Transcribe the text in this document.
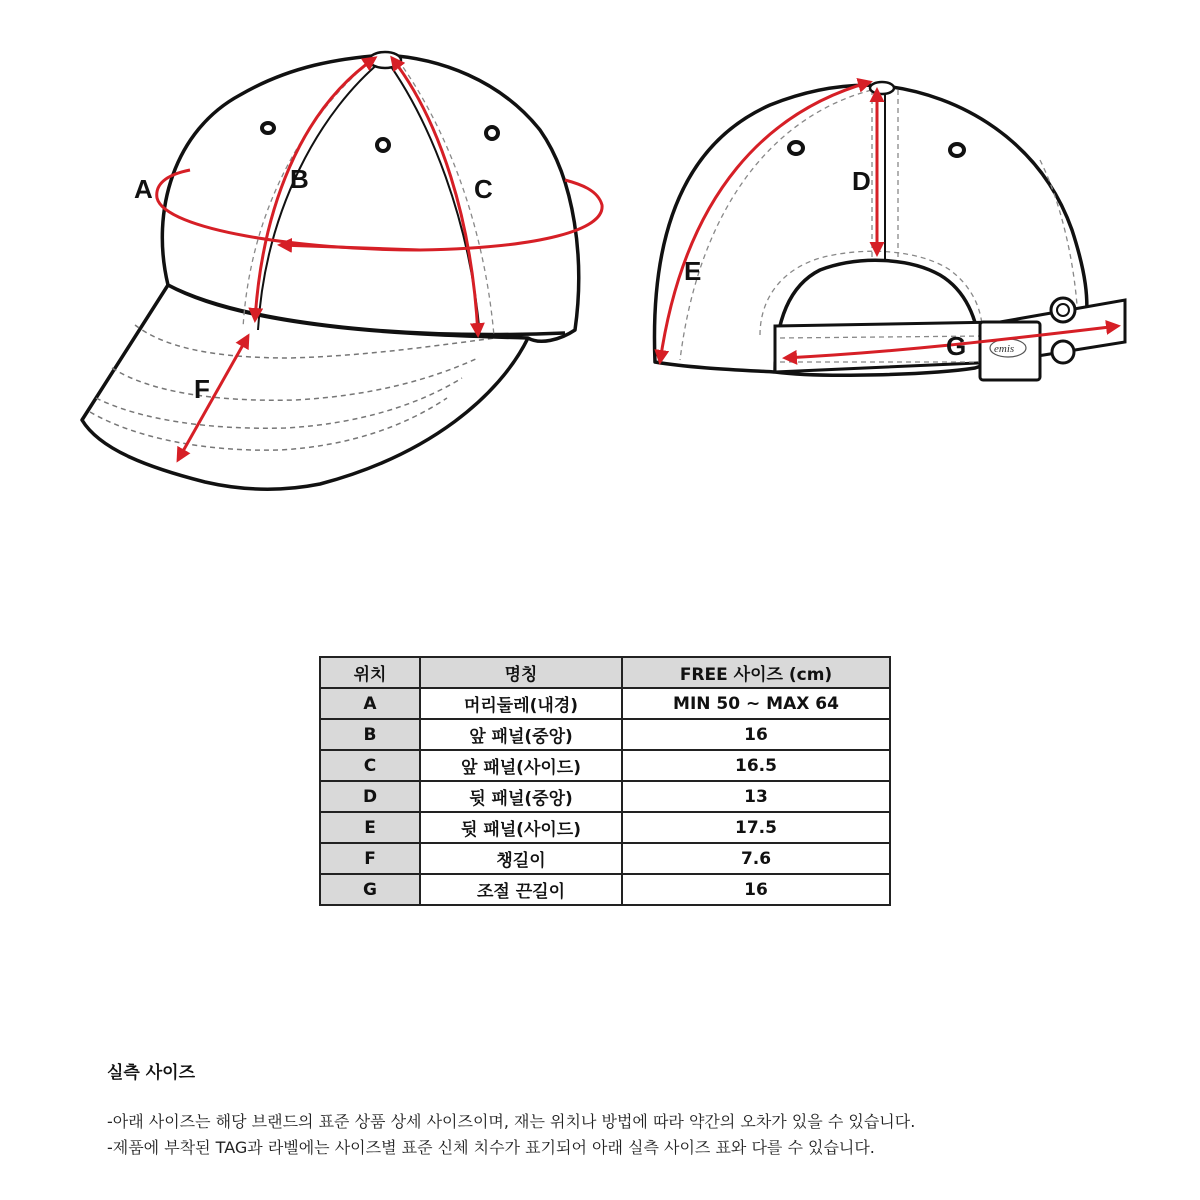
emis
A	B	C
F
D
E
G
위치	명칭	FREE 사이즈 (cm)
A	머리둘레(내경)	MIN 50 ~ MAX 64
B	앞 패널(중앙)	16
C	앞 패널(사이드)	16.5
D	뒷 패널(중앙)	13
E	뒷 패널(사이드)	17.5
F	챙길이	7.6
G	조절 끈길이	16
실측 사이즈
-아래 사이즈는 해당 브랜드의 표준 상품 상세 사이즈이며, 재는 위치나 방법에 따라 약간의 오차가 있을 수 있습니다.
-제품에 부착된 TAG과 라벨에는 사이즈별 표준 신체 치수가 표기되어 아래 실측 사이즈 표와 다를 수 있습니다.
